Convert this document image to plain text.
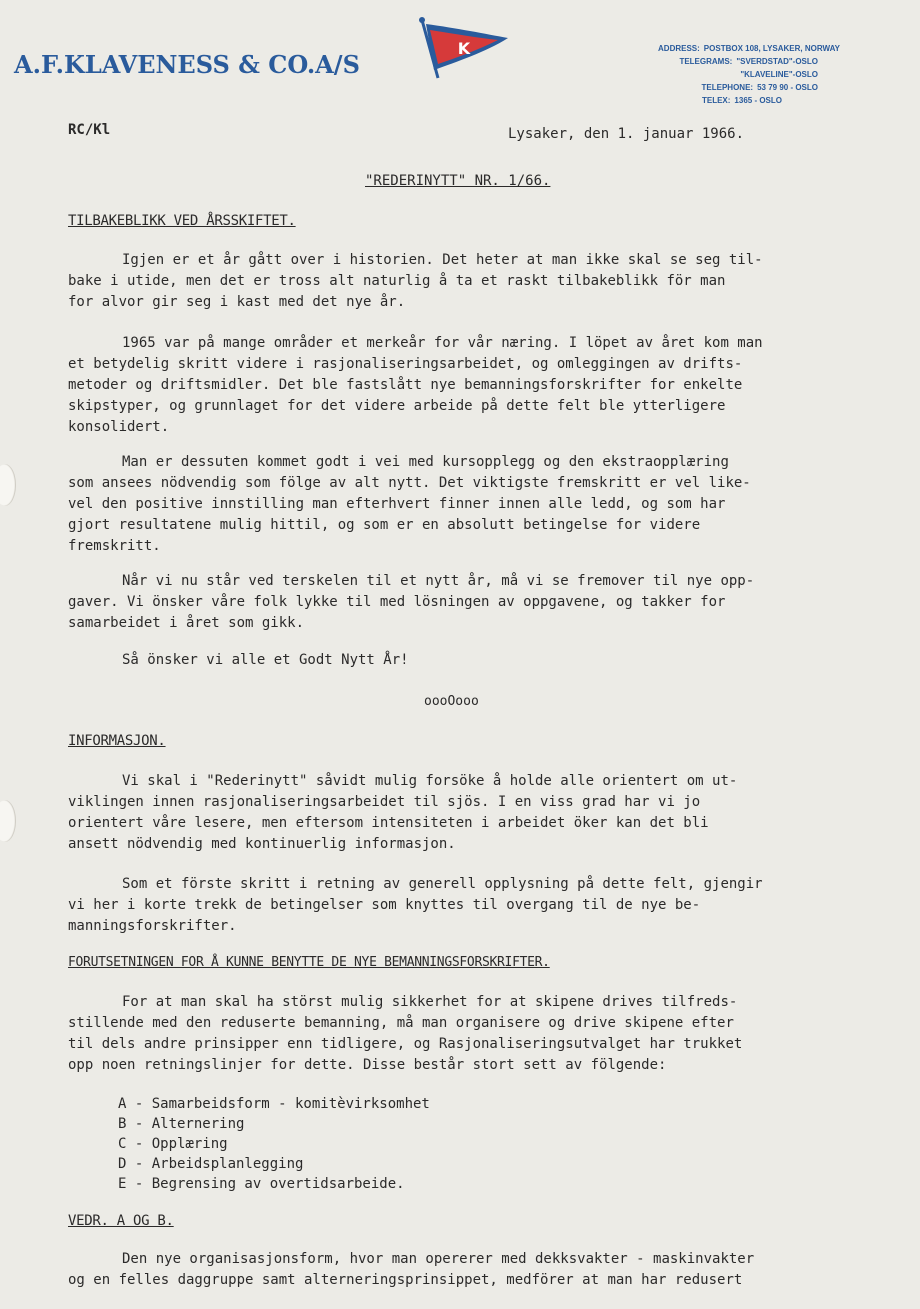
A.F.KLAVENESS & CO.A/S
K	ADDRESS: POSTBOX 108, LYSAKER, NORWAY
TELEGRAMS: "SVERDSTAD"-OSLO
"KLAVELINE"-OSLO
TELEPHONE: 53 79 90 - OSLO
TELEX: 1365 - OSLO
RC/Kl	Lysaker, den 1. januar 1966.
"REDERINYTT" NR. 1/66.
TILBAKEBLIKK VED ÅRSSKIFTET.
Igjen er et år gått over i historien. Det heter at man ikke skal se seg til-
bake i utide, men det er tross alt naturlig å ta et raskt tilbakeblikk för man
for alvor gir seg i kast med det nye år.
1965 var på mange områder et merkeår for vår næring. I löpet av året kom man
et betydelig skritt videre i rasjonaliseringsarbeidet, og omleggingen av drifts-
metoder og driftsmidler. Det ble fastslått nye bemanningsforskrifter for enkelte
skipstyper, og grunnlaget for det videre arbeide på dette felt ble ytterligere
konsolidert.
Man er dessuten kommet godt i vei med kursopplegg og den ekstraopplæring
som ansees nödvendig som fölge av alt nytt. Det viktigste fremskritt er vel like-
vel den positive innstilling man efterhvert finner innen alle ledd, og som har
gjort resultatene mulig hittil, og som er en absolutt betingelse for videre
fremskritt.
Når vi nu står ved terskelen til et nytt år, må vi se fremover til nye opp-
gaver. Vi önsker våre folk lykke til med lösningen av oppgavene, og takker for
samarbeidet i året som gikk.
Så önsker vi alle et Godt Nytt År!
oooOooo
INFORMASJON.
Vi skal i "Rederinytt" såvidt mulig forsöke å holde alle orientert om ut-
viklingen innen rasjonaliseringsarbeidet til sjös. I en viss grad har vi jo
orientert våre lesere, men eftersom intensiteten i arbeidet öker kan det bli
ansett nödvendig med kontinuerlig informasjon.
Som et förste skritt i retning av generell opplysning på dette felt, gjengir
vi her i korte trekk de betingelser som knyttes til overgang til de nye be-
manningsforskrifter.
FORUTSETNINGEN FOR Å KUNNE BENYTTE DE NYE BEMANNINGSFORSKRIFTER.
For at man skal ha störst mulig sikkerhet for at skipene drives tilfreds-
stillende med den reduserte bemanning, må man organisere og drive skipene efter
til dels andre prinsipper enn tidligere, og Rasjonaliseringsutvalget har trukket
opp noen retningslinjer for dette. Disse består stort sett av fölgende:
A - Samarbeidsform - komitèvirksomhet
B - Alternering
C - Opplæring
D - Arbeidsplanlegging
E - Begrensing av overtidsarbeide.
VEDR. A OG B.
Den nye organisasjonsform, hvor man opererer med dekksvakter - maskinvakter
og en felles daggruppe samt alterneringsprinsippet, medförer at man har redusert
